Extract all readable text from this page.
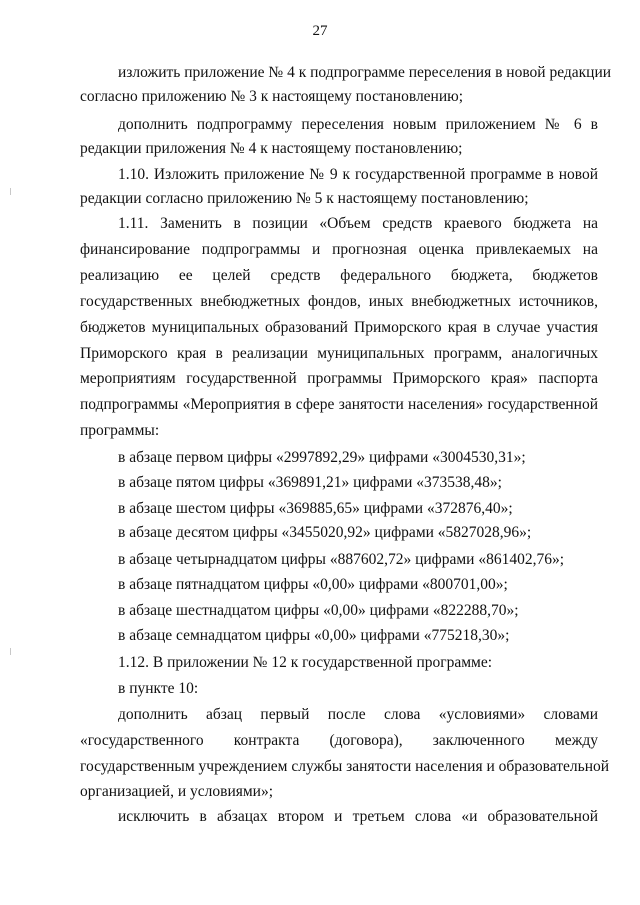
27
изложить приложение № 4 к подпрограмме переселения в новой редакции
согласно приложению № 3 к настоящему постановлению;
дополнить подпрограмму переселения новым приложением № 6 в
редакции приложения № 4 к настоящему постановлению;
1.10. Изложить приложение № 9 к государственной программе в новой
редакции согласно приложению № 5 к настоящему постановлению;
1.11. Заменить в позиции «Объем средств краевого бюджета на
финансирование подпрограммы и прогнозная оценка привлекаемых на
реализацию ее целей средств федерального бюджета, бюджетов
государственных внебюджетных фондов, иных внебюджетных источников,
бюджетов муниципальных образований Приморского края в случае участия
Приморского края в реализации муниципальных программ, аналогичных
мероприятиям государственной программы Приморского края» паспорта
подпрограммы «Мероприятия в сфере занятости населения» государственной
программы:
в абзаце первом цифры «2997892,29» цифрами «3004530,31»;
в абзаце пятом цифры «369891,21» цифрами «373538,48»;
в абзаце шестом цифры «369885,65» цифрами «372876,40»;
в абзаце десятом цифры «3455020,92» цифрами «5827028,96»;
в абзаце четырнадцатом цифры «887602,72» цифрами «861402,76»;
в абзаце пятнадцатом цифры «0,00» цифрами «800701,00»;
в абзаце шестнадцатом цифры «0,00» цифрами «822288,70»;
в абзаце семнадцатом цифры «0,00» цифрами «775218,30»;
1.12. В приложении № 12 к государственной программе:
в пункте 10:
дополнить абзац первый после слова «условиями» словами
«государственного контракта (договора), заключенного между
государственным учреждением службы занятости населения и образовательной
организацией, и условиями»;
исключить в абзацах втором и третьем слова «и образовательной
